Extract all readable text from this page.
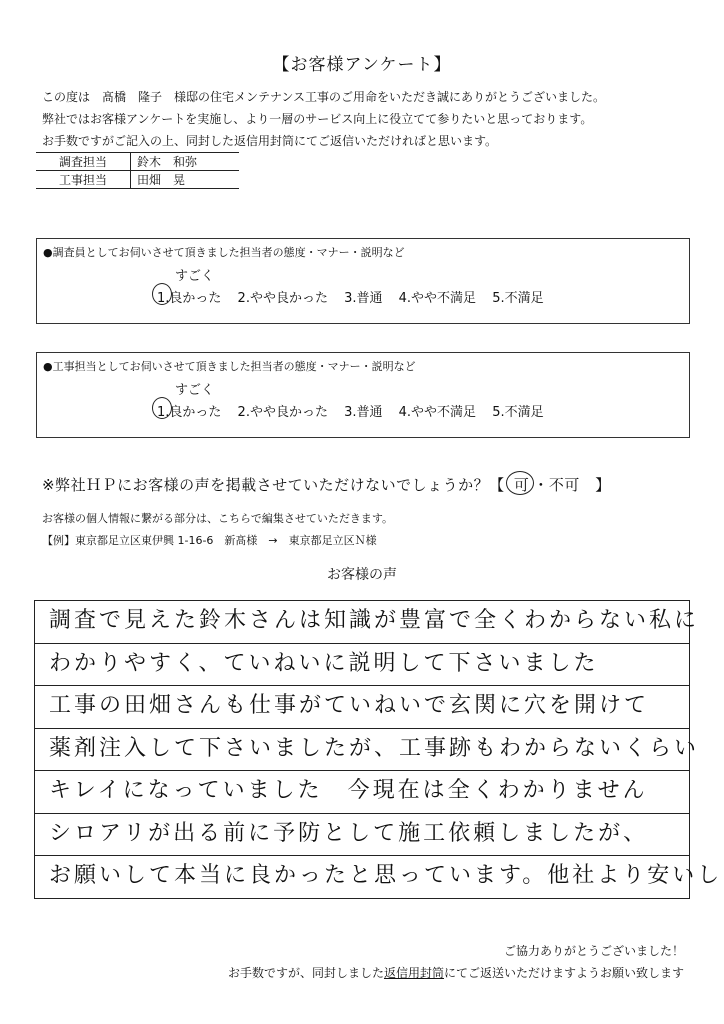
【お客様アンケート】
この度は　髙橋　隆子　様邸の住宅メンテナンス工事のご用命をいただき誠にありがとうございました。
弊社ではお客様アンケートを実施し、より一層のサービス向上に役立てて参りたいと思っております。
お手数ですがご記入の上、同封した返信用封筒にてご返信いただければと思います。
調査担当	鈴木　和弥
工事担当	田畑　晃
●調査員としてお伺いさせて頂きました担当者の態度・マナー・説明など
すごく
1.良かった 2.やや良かった 3.普通 4.やや不満足 5.不満足
●工事担当としてお伺いさせて頂きました担当者の態度・マナー・説明など
すごく
1.良かった 2.やや良かった 3.普通 4.やや不満足 5.不満足
※弊社ＨＰにお客様の声を掲載させていただけないでしょうか？【 可 ・不可 】
お客様の個人情報に繋がる部分は、こちらで編集させていただきます。
【例】東京都足立区東伊興 1-16-6　新髙様　→　東京都足立区Ｎ様
お客様の声
調査で見えた鈴木さんは知識が豊富で全くわからない私に
わかりやすく、ていねいに説明して下さいました
工事の田畑さんも仕事がていねいで玄関に穴を開けて
薬剤注入して下さいましたが、工事跡もわからないくらい
キレイになっていました　今現在は全くわかりません
シロアリが出る前に予防として施工依頼しましたが、
お願いして本当に良かったと思っています。他社より安いし
ご協力ありがとうございました！
お手数ですが、同封しました返信用封筒にてご返送いただけますようお願い致します
